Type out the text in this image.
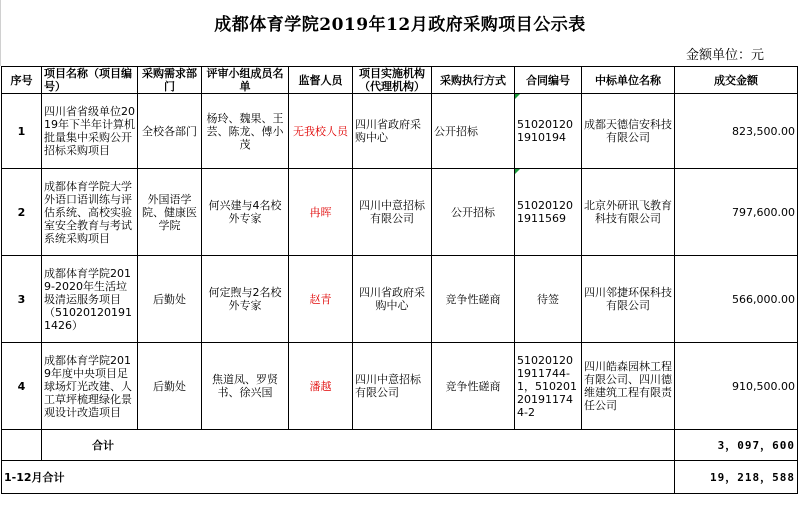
成都体育学院2019年12月政府采购项目公示表
金额单位：元
序号	项目名称（项目编号）	采购需求部门	评审小组成员名单	监督人员	项目实施机构（代理机构）	采购执行方式	合同编号	中标单位名称	成交金额
1	四川省省级单位2019年下半年计算机批量集中采购公开招标采购项目	全校各部门	杨玲、魏果、王芸、陈龙、傅小茂	无我校人员	四川省政府采购中心	公开招标	510201201910194	成都天德信安科技有限公司	823,500.00
2	成都体育学院大学外语口语训练与评估系统、高校实验室安全教育与考试系统采购项目	外国语学院、健康医学院	何兴建与4名校外专家	冉晖	四川中意招标有限公司	公开招标	510201201911569	北京外研讯飞教育科技有限公司	797,600.00
3	成都体育学院2019-2020年生活垃圾清运服务项目（510201201911426）	后勤处	何定煦与2名校外专家	赵青	四川省政府采购中心	竞争性磋商	待签	四川邻捷环保科技有限公司	566,000.00
4	成都体育学院2019年度中央项目足球场灯光改建、人工草坪梳理绿化景观设计改造项目	后勤处	焦道凤、罗贤书、徐兴国	潘越	四川中意招标有限公司	竞争性磋商	510201201911744-1，510201201911744-2	四川皓森园林工程有限公司、四川德维建筑工程有限责任公司	910,500.00
	合计								3，097，600
1-12月合计									19，218，588
